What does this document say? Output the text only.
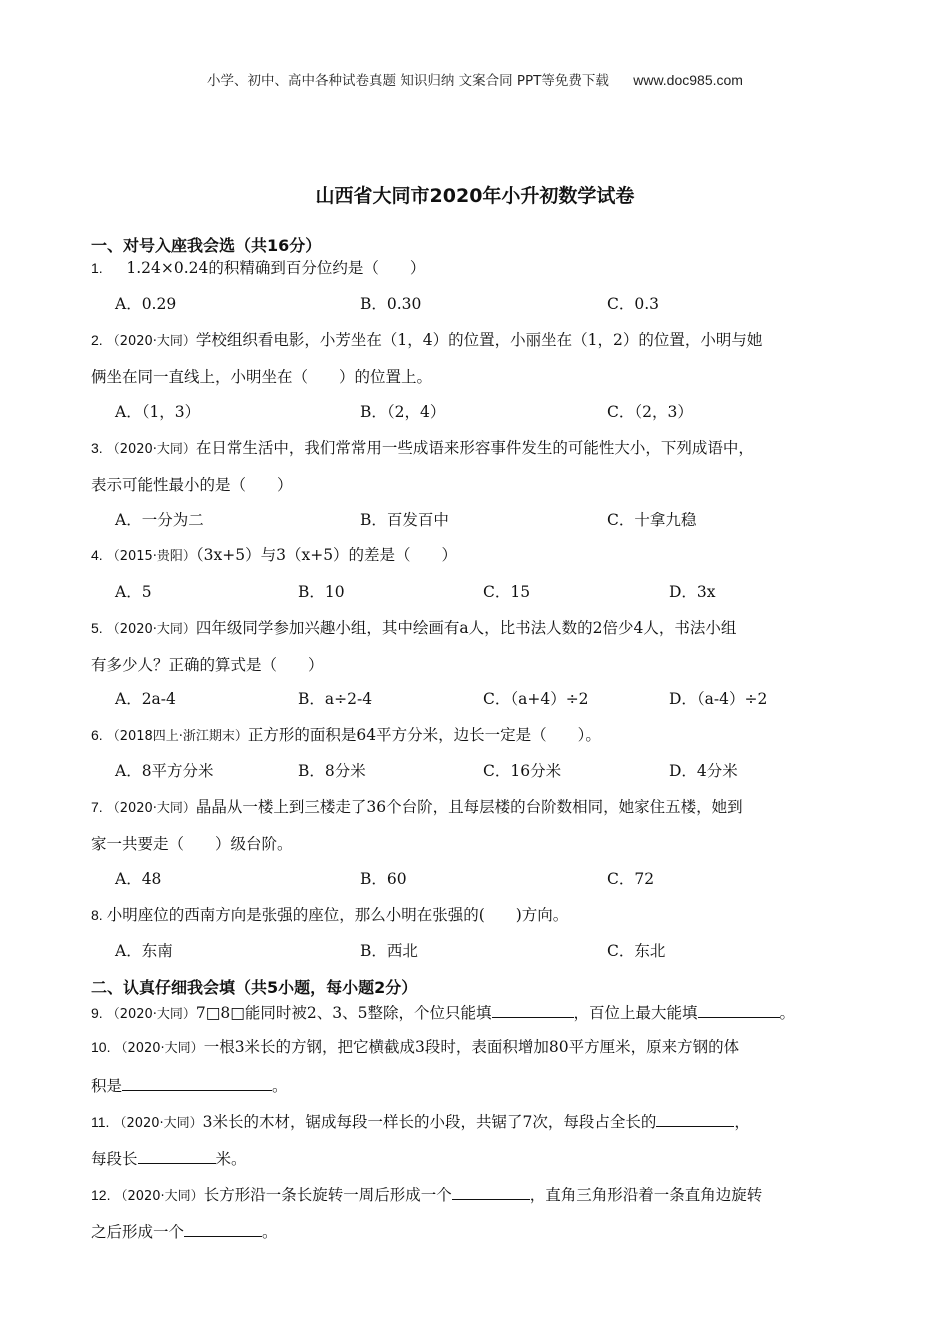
小学、初中、高中各种试卷真题 知识归纳 文案合同 PPT等免费下载 www.doc985.com
山西省大同市2020年小升初数学试卷
一、对号入座我会选（共16分）
1.    1.24×0.24的积精确到百分位约是（　　）
A．0.29	B．0.30	C．0.3
2. （2020·大同）学校组织看电影，小芳坐在（1，4）的位置，小丽坐在（1，2）的位置，小明与她
俩坐在同一直线上，小明坐在（　　）的位置上。
A．（1，3）	B．（2，4）	C．（2，3）
3. （2020·大同）在日常生活中，我们常常用一些成语来形容事件发生的可能性大小，下列成语中，
表示可能性最小的是（　　）
A．一分为二	B．百发百中	C．十拿九稳
4. （2015·贵阳）（3x+5）与3（x+5）的差是（　　）
A．5	B．10	C．15	D．3x
5. （2020·大同）四年级同学参加兴趣小组，其中绘画有a人，比书法人数的2倍少4人，书法小组
有多少人？正确的算式是（　　）
A．2a-4	B．a÷2-4	C．（a+4）÷2	D．（a-4）÷2
6. （2018四上·浙江期末）正方形的面积是64平方分米，边长一定是（　　）。
A．8平方分米	B．8分米	C．16分米	D．4分米
7. （2020·大同）晶晶从一楼上到三楼走了36个台阶，且每层楼的台阶数相同，她家住五楼，她到
家一共要走（　　）级台阶。
A．48	B．60	C．72
8. 小明座位的西南方向是张强的座位，那么小明在张强的(　　)方向。
A．东南	B．西北	C．东北
二、认真仔细我会填（共5小题，每小题2分）
9. （2020·大同）7□8□能同时被2、3、5整除，个位只能填	，百位上最大能填	。
10. （2020·大同）一根3米长的方钢，把它横截成3段时，表面积增加80平方厘米，原来方钢的体
积是	。
11. （2020·大同）3米长的木材，锯成每段一样长的小段，共锯了7次，每段占全长的	，
每段长	米。
12. （2020·大同）长方形沿一条长旋转一周后形成一个	，直角三角形沿着一条直角边旋转
之后形成一个	。
